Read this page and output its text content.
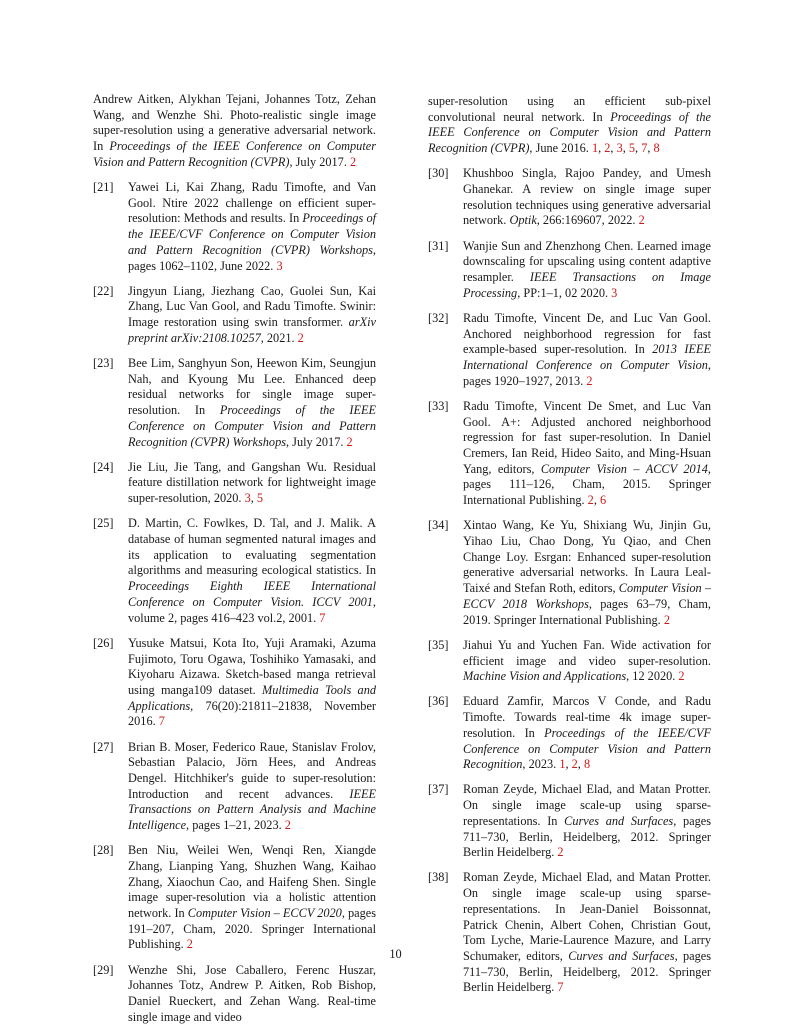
Andrew Aitken, Alykhan Tejani, Johannes Totz, Zehan Wang, and Wenzhe Shi. Photo-realistic single image super-resolution using a generative adversarial network. In Proceedings of the IEEE Conference on Computer Vision and Pattern Recognition (CVPR), July 2017. 2
[21] Yawei Li, Kai Zhang, Radu Timofte, and Van Gool. Ntire 2022 challenge on efficient super-resolution: Methods and results. In Proceedings of the IEEE/CVF Conference on Computer Vision and Pattern Recognition (CVPR) Workshops, pages 1062–1102, June 2022. 3
[22] Jingyun Liang, Jiezhang Cao, Guolei Sun, Kai Zhang, Luc Van Gool, and Radu Timofte. Swinir: Image restoration using swin transformer. arXiv preprint arXiv:2108.10257, 2021. 2
[23] Bee Lim, Sanghyun Son, Heewon Kim, Seungjun Nah, and Kyoung Mu Lee. Enhanced deep residual networks for single image super-resolution. In Proceedings of the IEEE Conference on Computer Vision and Pattern Recognition (CVPR) Workshops, July 2017. 2
[24] Jie Liu, Jie Tang, and Gangshan Wu. Residual feature distillation network for lightweight image super-resolution, 2020. 3, 5
[25] D. Martin, C. Fowlkes, D. Tal, and J. Malik. A database of human segmented natural images and its application to evaluating segmentation algorithms and measuring ecological statistics. In Proceedings Eighth IEEE International Conference on Computer Vision. ICCV 2001, volume 2, pages 416–423 vol.2, 2001. 7
[26] Yusuke Matsui, Kota Ito, Yuji Aramaki, Azuma Fujimoto, Toru Ogawa, Toshihiko Yamasaki, and Kiyoharu Aizawa. Sketch-based manga retrieval using manga109 dataset. Multimedia Tools and Applications, 76(20):21811–21838, November 2016. 7
[27] Brian B. Moser, Federico Raue, Stanislav Frolov, Sebastian Palacio, Jörn Hees, and Andreas Dengel. Hitchhiker's guide to super-resolution: Introduction and recent advances. IEEE Transactions on Pattern Analysis and Machine Intelligence, pages 1–21, 2023. 2
[28] Ben Niu, Weilei Wen, Wenqi Ren, Xiangde Zhang, Lianping Yang, Shuzhen Wang, Kaihao Zhang, Xiaochun Cao, and Haifeng Shen. Single image super-resolution via a holistic attention network. In Computer Vision – ECCV 2020, pages 191–207, Cham, 2020. Springer International Publishing. 2
[29] Wenzhe Shi, Jose Caballero, Ferenc Huszar, Johannes Totz, Andrew P. Aitken, Rob Bishop, Daniel Rueckert, and Zehan Wang. Real-time single image and video
super-resolution using an efficient sub-pixel convolutional neural network. In Proceedings of the IEEE Conference on Computer Vision and Pattern Recognition (CVPR), June 2016. 1, 2, 3, 5, 7, 8
[30] Khushboo Singla, Rajoo Pandey, and Umesh Ghanekar. A review on single image super resolution techniques using generative adversarial network. Optik, 266:169607, 2022. 2
[31] Wanjie Sun and Zhenzhong Chen. Learned image downscaling for upscaling using content adaptive resampler. IEEE Transactions on Image Processing, PP:1–1, 02 2020. 3
[32] Radu Timofte, Vincent De, and Luc Van Gool. Anchored neighborhood regression for fast example-based super-resolution. In 2013 IEEE International Conference on Computer Vision, pages 1920–1927, 2013. 2
[33] Radu Timofte, Vincent De Smet, and Luc Van Gool. A+: Adjusted anchored neighborhood regression for fast super-resolution. In Daniel Cremers, Ian Reid, Hideo Saito, and Ming-Hsuan Yang, editors, Computer Vision – ACCV 2014, pages 111–126, Cham, 2015. Springer International Publishing. 2, 6
[34] Xintao Wang, Ke Yu, Shixiang Wu, Jinjin Gu, Yihao Liu, Chao Dong, Yu Qiao, and Chen Change Loy. Esrgan: Enhanced super-resolution generative adversarial networks. In Laura Leal-Taixé and Stefan Roth, editors, Computer Vision – ECCV 2018 Workshops, pages 63–79, Cham, 2019. Springer International Publishing. 2
[35] Jiahui Yu and Yuchen Fan. Wide activation for efficient image and video super-resolution. Machine Vision and Applications, 12 2020. 2
[36] Eduard Zamfir, Marcos V Conde, and Radu Timofte. Towards real-time 4k image super-resolution. In Proceedings of the IEEE/CVF Conference on Computer Vision and Pattern Recognition, 2023. 1, 2, 8
[37] Roman Zeyde, Michael Elad, and Matan Protter. On single image scale-up using sparse-representations. In Curves and Surfaces, pages 711–730, Berlin, Heidelberg, 2012. Springer Berlin Heidelberg. 2
[38] Roman Zeyde, Michael Elad, and Matan Protter. On single image scale-up using sparse-representations. In Jean-Daniel Boissonnat, Patrick Chenin, Albert Cohen, Christian Gout, Tom Lyche, Marie-Laurence Mazure, and Larry Schumaker, editors, Curves and Surfaces, pages 711–730, Berlin, Heidelberg, 2012. Springer Berlin Heidelberg. 7
10
